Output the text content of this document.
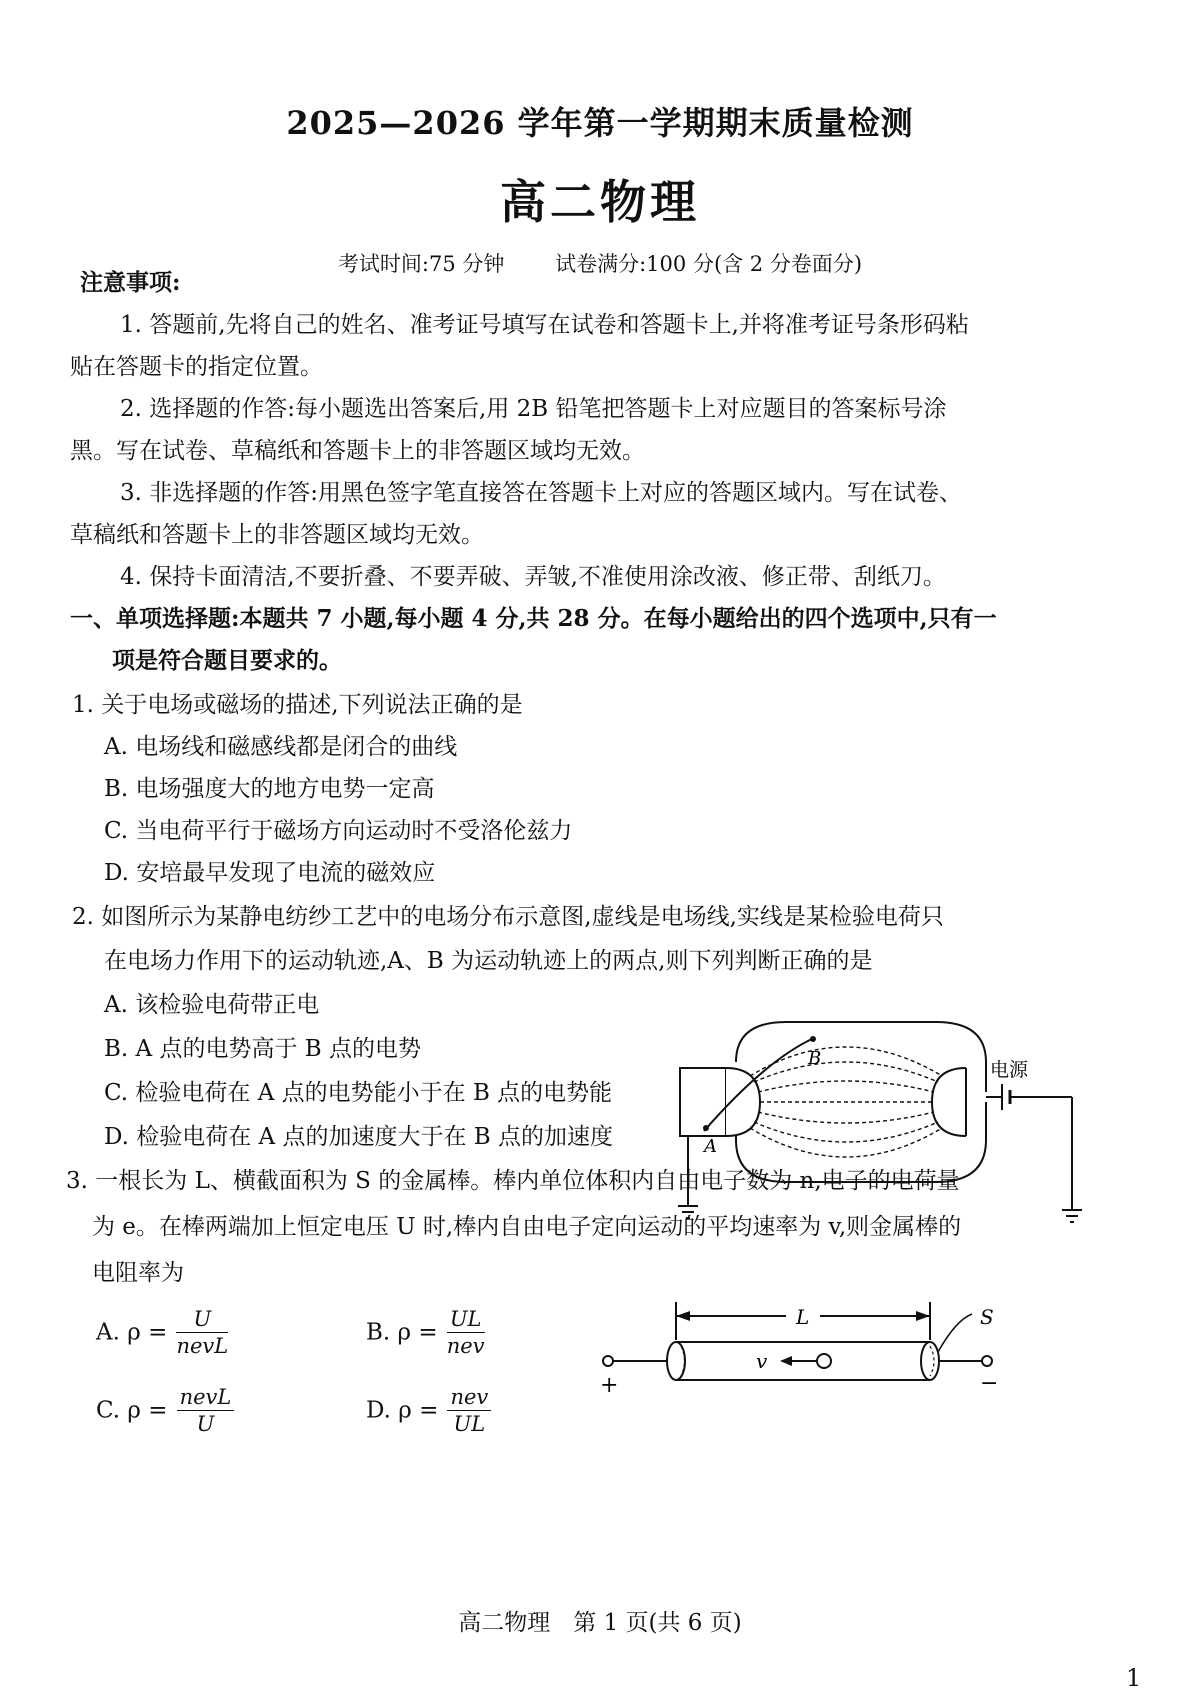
2025—2026 学年第一学期期末质量检测
高二物理
考试时间:75 分钟 试卷满分:100 分(含 2 分卷面分)
注意事项:
1. 答题前,先将自己的姓名、准考证号填写在试卷和答题卡上,并将准考证号条形码粘
贴在答题卡的指定位置。
2. 选择题的作答:每小题选出答案后,用 2B 铅笔把答题卡上对应题目的答案标号涂
黑。写在试卷、草稿纸和答题卡上的非答题区域均无效。
3. 非选择题的作答:用黑色签字笔直接答在答题卡上对应的答题区域内。写在试卷、
草稿纸和答题卡上的非答题区域均无效。
4. 保持卡面清洁,不要折叠、不要弄破、弄皱,不准使用涂改液、修正带、刮纸刀。
一、单项选择题:本题共 7 小题,每小题 4 分,共 28 分。在每小题给出的四个选项中,只有一
项是符合题目要求的。
1. 关于电场或磁场的描述,下列说法正确的是
A. 电场线和磁感线都是闭合的曲线
B. 电场强度大的地方电势一定高
C. 当电荷平行于磁场方向运动时不受洛伦兹力
D. 安培最早发现了电流的磁效应
2. 如图所示为某静电纺纱工艺中的电场分布示意图,虚线是电场线,实线是某检验电荷只
在电场力作用下的运动轨迹,A、B 为运动轨迹上的两点,则下列判断正确的是
A. 该检验电荷带正电
B. A 点的电势高于 B 点的电势
C. 检验电荷在 A 点的电势能小于在 B 点的电势能
D. 检验电荷在 A 点的加速度大于在 B 点的加速度	A
B
电源
3. 一根长为 L、横截面积为 S 的金属棒。棒内单位体积内自由电子数为 n,电子的电荷量
为 e。在棒两端加上恒定电压 U 时,棒内自由电子定向运动的平均速率为 v,则金属棒的
电阻率为
A. $\rho = \frac{U}{\text{nevL}}$	B. $\rho = \frac{UL}{\text{nev}}$
C. $\rho = \frac{\text{nevL}}{U}$	D. $\rho = \frac{\text{nev}}{UL}$
L
+	−
v
S
高二物理　第 1 页(共 6 页)
1
